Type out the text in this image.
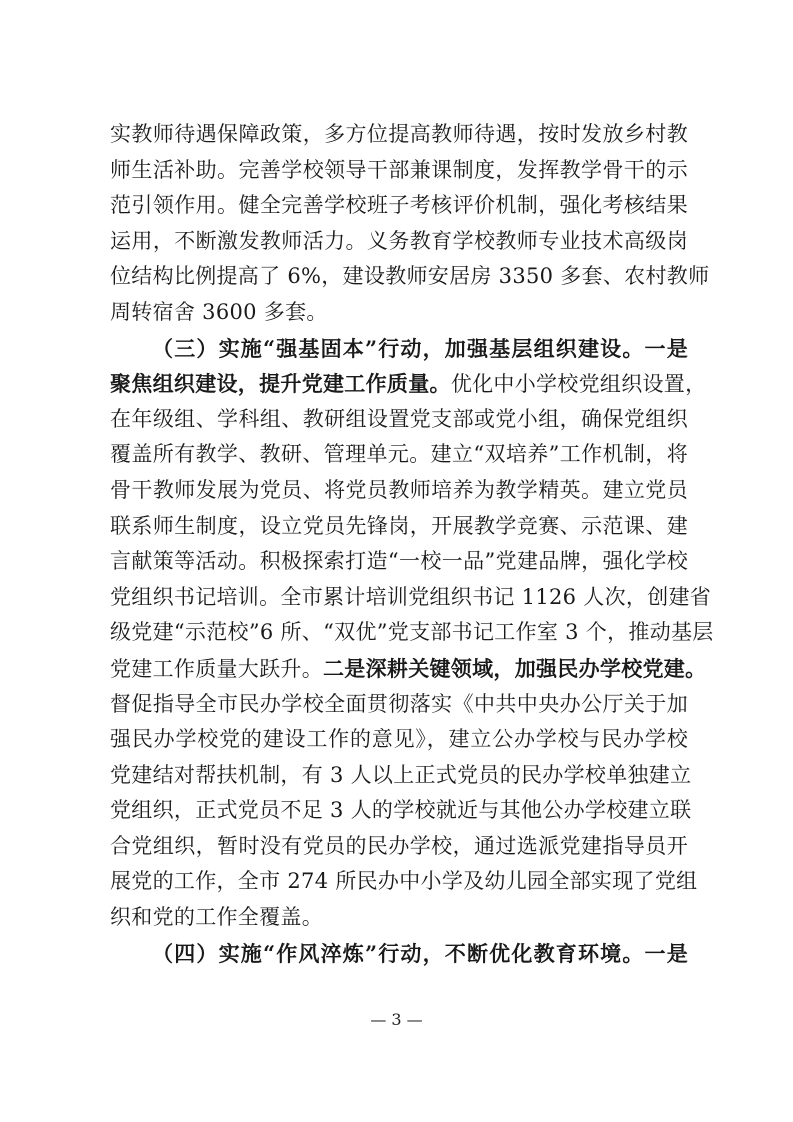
实教师待遇保障政策，多方位提高教师待遇，按时发放乡村教
师生活补助。完善学校领导干部兼课制度，发挥教学骨干的示
范引领作用。健全完善学校班子考核评价机制，强化考核结果
运用，不断激发教师活力。义务教育学校教师专业技术高级岗
位结构比例提高了 6%，建设教师安居房 3350 多套、农村教师
周转宿舍 3600 多套。
（三）实施“强基固本”行动，加强基层组织建设。一是
聚焦组织建设，提升党建工作质量。优化中小学校党组织设置，
在年级组、学科组、教研组设置党支部或党小组，确保党组织
覆盖所有教学、教研、管理单元。建立“双培养”工作机制，将
骨干教师发展为党员、将党员教师培养为教学精英。建立党员
联系师生制度，设立党员先锋岗，开展教学竞赛、示范课、建
言献策等活动。积极探索打造“一校一品”党建品牌，强化学校
党组织书记培训。全市累计培训党组织书记 1126 人次，创建省
级党建“示范校”6 所、“双优”党支部书记工作室 3 个，推动基层
党建工作质量大跃升。二是深耕关键领域，加强民办学校党建。
督促指导全市民办学校全面贯彻落实《中共中央办公厅关于加
强民办学校党的建设工作的意见》，建立公办学校与民办学校
党建结对帮扶机制，有 3 人以上正式党员的民办学校单独建立
党组织，正式党员不足 3 人的学校就近与其他公办学校建立联
合党组织，暂时没有党员的民办学校，通过选派党建指导员开
展党的工作，全市 274 所民办中小学及幼儿园全部实现了党组
织和党的工作全覆盖。
（四）实施“作风淬炼”行动，不断优化教育环境。一是
— 3 —
